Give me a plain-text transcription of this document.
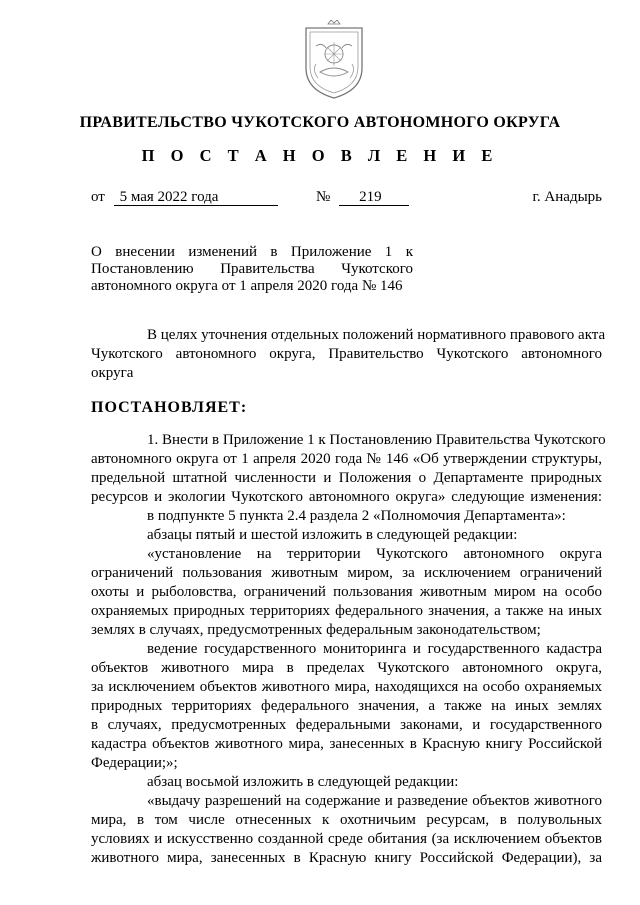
ПРАВИТЕЛЬСТВО ЧУКОТСКОГО АВТОНОМНОГО ОКРУГА
П О С Т А Н О В Л Е Н И Е
от 5 мая 2022 года	№ 219	г. Анадырь
О внесении изменений в Приложение 1 к
Постановлению Правительства Чукотского
автономного округа от 1 апреля 2020 года № 146
В целях уточнения отдельных положений нормативного правового акта
Чукотского автономного округа, Правительство Чукотского автономного
округа
ПОСТАНОВЛЯЕТ:
1. Внести в Приложение 1 к Постановлению Правительства Чукотского
автономного округа от 1 апреля 2020 года № 146 «Об утверждении структуры,
предельной штатной численности и Положения о Департаменте природных
ресурсов и экологии Чукотского автономного округа» следующие изменения:
в подпункте 5 пункта 2.4 раздела 2 «Полномочия Департамента»:
абзацы пятый и шестой изложить в следующей редакции:
«установление на территории Чукотского автономного округа
ограничений пользования животным миром, за исключением ограничений
охоты и рыболовства, ограничений пользования животным миром на особо
охраняемых природных территориях федерального значения, а также на иных
землях в случаях, предусмотренных федеральным законодательством;
ведение государственного мониторинга и государственного кадастра
объектов животного мира в пределах Чукотского автономного округа,
за исключением объектов животного мира, находящихся на особо охраняемых
природных территориях федерального значения, а также на иных землях
в случаях, предусмотренных федеральными законами, и государственного
кадастра объектов животного мира, занесенных в Красную книгу Российской
Федерации;»;
абзац восьмой изложить в следующей редакции:
«выдачу разрешений на содержание и разведение объектов животного
мира, в том числе отнесенных к охотничьим ресурсам, в полувольных
условиях и искусственно созданной среде обитания (за исключением объектов
животного мира, занесенных в Красную книгу Российской Федерации), за
